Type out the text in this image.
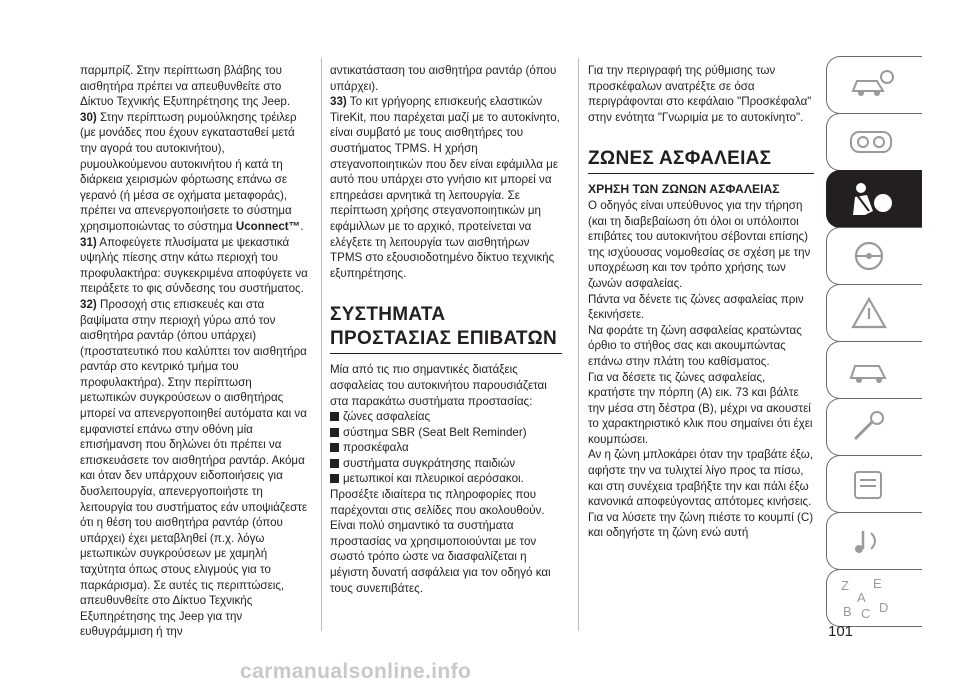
παρμπρίζ. Στην περίπτωση βλάβης του αισθητήρα πρέπει να απευθυνθείτε στο Δίκτυο Τεχνικής Εξυπηρέτησης της Jeep.

30) Στην περίπτωση ρυμούλκησης τρέιλερ (με μονάδες που έχουν εγκατασταθεί μετά την αγορά του αυτοκινήτου), ρυμουλκούμενου αυτοκινήτου ή κατά τη διάρκεια χειρισμών φόρτωσης επάνω σε γερανό (ή μέσα σε οχήματα μεταφοράς), πρέπει να απενεργοποιήσετε το σύστημα χρησιμοποιώντας το σύστημα Uconnect™.

31) Αποφεύγετε πλυσίματα με ψεκαστικά υψηλής πίεσης στην κάτω περιοχή του προφυλακτήρα: συγκεκριμένα αποφύγετε να πειράξετε το φις σύνδεσης του συστήματος.

32) Προσοχή στις επισκευές και στα βαψίματα στην περιοχή γύρω από τον αισθητήρα ραντάρ (όπου υπάρχει) (προστατευτικό που καλύπτει τον αισθητήρα ραντάρ στο κεντρικό τμήμα του προφυλακτήρα). Στην περίπτωση μετωπικών συγκρούσεων ο αισθητήρας μπορεί να απενεργοποιηθεί αυτόματα και να εμφανιστεί επάνω στην οθόνη μία επισήμανση που δηλώνει ότι πρέπει να επισκευάσετε τον αισθητήρα ραντάρ. Ακόμα και όταν δεν υπάρχουν ειδοποιήσεις για δυσλειτουργία, απενεργοποιήστε τη λειτουργία του συστήματος εάν υποψιάζεστε ότι η θέση του αισθητήρα ραντάρ (όπου υπάρχει) έχει μεταβληθεί (π.χ. λόγω μετωπικών συγκρούσεων με χαμηλή ταχύτητα όπως στους ελιγμούς για το παρκάρισμα). Σε αυτές τις περιπτώσεις, απευθυνθείτε στο Δίκτυο Τεχνικής Εξυπηρέτησης της Jeep για την ευθυγράμμιση ή την

αντικατάσταση του αισθητήρα ραντάρ (όπου υπάρχει).

33) Το κιτ γρήγορης επισκευής ελαστικών TireKit, που παρέχεται μαζί με το αυτοκίνητο, είναι συμβατό με τους αισθητήρες του συστήματος TPMS. Η χρήση στεγανοποιητικών που δεν είναι εφάμιλλα με αυτό που υπάρχει στο γνήσιο κιτ μπορεί να επηρεάσει αρνητικά τη λειτουργία. Σε περίπτωση χρήσης στεγανοποιητικών μη εφάμιλλων με το αρχικό, προτείνεται να ελέγξετε τη λειτουργία των αισθητήρων TPMS στο εξουσιοδοτημένο δίκτυο τεχνικής εξυπηρέτησης.

ΣΥΣΤΗΜΑΤΑ ΠΡΟΣΤΑΣΙΑΣ ΕΠΙΒΑΤΩΝ

Μία από τις πιο σημαντικές διατάξεις ασφαλείας του αυτοκινήτου παρουσιάζεται στα παρακάτω συστήματα προστασίας:

ζώνες ασφαλείας
σύστημα SBR (Seat Belt Reminder)
προσκέφαλα
συστήματα συγκράτησης παιδιών
μετωπικοί και πλευρικοί αερόσακοι.

Προσέξτε ιδιαίτερα τις πληροφορίες που παρέχονται στις σελίδες που ακολουθούν. Είναι πολύ σημαντικό τα συστήματα προστασίας να χρησιμοποιούνται με τον σωστό τρόπο ώστε να διασφαλίζεται η μέγιστη δυνατή ασφάλεια για τον οδηγό και τους συνεπιβάτες.

Για την περιγραφή της ρύθμισης των προσκέφαλων ανατρέξτε σε όσα περιγράφονται στο κεφάλαιο "Προσκέφαλα" στην ενότητα "Γνωριμία με το αυτοκίνητο".

ΖΩΝΕΣ ΑΣΦΑΛΕΙΑΣ

ΧΡΗΣΗ ΤΩΝ ΖΩΝΩΝ ΑΣΦΑΛΕΙΑΣ

Ο οδηγός είναι υπεύθυνος για την τήρηση (και τη διαβεβαίωση ότι όλοι οι υπόλοιποι επιβάτες του αυτοκινήτου σέβονται επίσης) της ισχύουσας νομοθεσίας σε σχέση με την υποχρέωση και τον τρόπο χρήσης των ζωνών ασφαλείας.

Πάντα να δένετε τις ζώνες ασφαλείας πριν ξεκινήσετε.

Να φοράτε τη ζώνη ασφαλείας κρατώντας όρθιο το στήθος σας και ακουμπώντας επάνω στην πλάτη του καθίσματος.

Για να δέσετε τις ζώνες ασφαλείας, κρατήστε την πόρπη (A) εικ. 73 και βάλτε την μέσα στη δέστρα (B), μέχρι να ακουστεί το χαρακτηριστικό κλικ που σημαίνει ότι έχει κουμπώσει.

Αν η ζώνη μπλοκάρει όταν την τραβάτε έξω, αφήστε την να τυλιχτεί λίγο προς τα πίσω, και στη συνέχεια τραβήξτε την και πάλι έξω κανονικά αποφεύγοντας απότομες κινήσεις.

Για να λύσετε την ζώνη πιέστε το κουμπί (C) και οδηγήστε τη ζώνη ενώ αυτή

Z E
A
B C D
101
carmanualsonline.info
